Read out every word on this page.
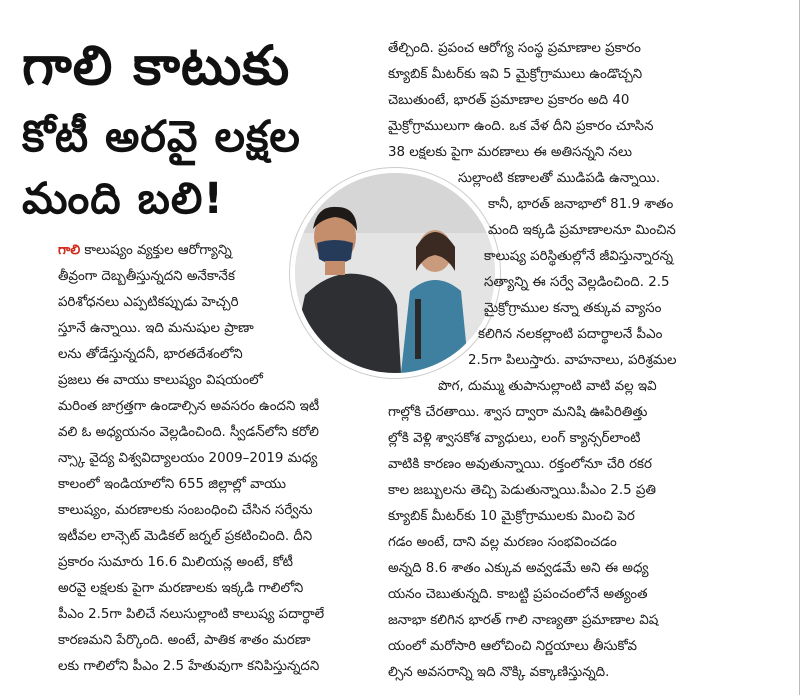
గాలి కాటుకు
కోటీ అరవై లక్షల
మంది బలి!
గాలి కాలుష్యం వ్యక్తుల ఆరోగ్యాన్ని
తీవ్రంగా దెబ్బతీస్తున్నదని అనేకానేక
పరిశోధనలు ఎప్పటికప్పుడు హెచ్చరి
స్తూనే ఉన్నాయి. ఇది మనుషుల ప్రాణా
లను తోడేస్తున్నదనీ, భారతదేశంలోని
ప్రజలు ఈ వాయు కాలుష్యం విషయంలో
మరింత జాగ్రత్తగా ఉండాల్సిన అవసరం ఉందని ఇటీ
వలి ఓ అధ్యయనం వెల్లడించింది. స్వీడన్‌లోని కరోలి
న్స్కా వైద్య విశ్వవిద్యాలయం 2009–2019 మధ్య
కాలంలో ఇండియాలోని 655 జిల్లాల్లో వాయు
కాలుష్యం, మరణాలకు సంబంధించి చేసిన సర్వేను
ఇటీవల లాన్సెట్ మెడికల్ జర్నల్ ప్రకటించింది. దీని
ప్రకారం సుమారు 16.6 మిలియన్ల అంటే, కోటీ
అరవై లక్షలకు పైగా మరణాలకు ఇక్కడి గాలిలోని
పీఎం 2.5గా పిలిచే నలుసుల్లాంటి కాలుష్య పదార్థాలే
కారణమని పేర్కొంది. అంటే, పాతిక శాతం మరణా
లకు గాలిలోని పీఎం 2.5 హేతువుగా కనిపిస్తున్నదని
తేల్చింది. ప్రపంచ ఆరోగ్య సంస్థ ప్రమాణాల ప్రకారం
క్యూబిక్ మీటర్‌కు ఇవి 5 మైక్రోగ్రాములు ఉండొచ్చని
చెబుతుంటే, భారత్ ప్రమాణాల ప్రకారం అది 40
మైక్రోగ్రాములుగా ఉంది. ఒక వేళ దీని ప్రకారం చూసిన
38 లక్షలకు పైగా మరణాలు ఈ అతిసన్నని నలు
సుల్లాంటి కణాలతో ముడిపడి ఉన్నాయి.
కానీ, భారత్ జనాభాలో 81.9 శాతం
మంది ఇక్కడి ప్రమాణాలనూ మించిన
కాలుష్య పరిస్థితుల్లోనే జీవిస్తున్నారన్న
సత్యాన్ని ఈ సర్వే వెల్లడించింది. 2.5
మైక్రోగ్రాముల కన్నా తక్కువ వ్యాసం
కలిగిన నలకల్లాంటి పదార్థాలనే పీఎం
2.5గా పిలుస్తారు. వాహనాలు, పరిశ్రమల
పొగ, దుమ్ము తుపానుల్లాంటి వాటి వల్ల ఇవి
గాల్లోకి చేరతాయి. శ్వాస ద్వారా మనిషి ఊపిరితిత్తు
ల్లోకి వెళ్లి శ్వాసకోశ వ్యాధులు, లంగ్ క్యాన్సర్‌లాంటి
వాటికి కారణం అవుతున్నాయి. రక్తంలోనూ చేరి రకర
కాల జబ్బులను తెచ్చి పెడుతున్నాయి.పీఎం 2.5 ప్రతి
క్యూబిక్ మీటర్‌కు 10 మైక్రోగ్రాములకు మించి పెర
గడం అంటే, దాని వల్ల మరణం సంభవించడం
అన్నది 8.6 శాతం ఎక్కువ అవ్వడమే అని ఈ అధ్య
యనం చెబుతున్నది. కాబట్టి ప్రపంచంలోనే అత్యంత
జనాభా కలిగిన భారత్ గాలి నాణ్యతా ప్రమాణాల విష
యంలో మరోసారి ఆలోచించి నిర్ణయాలు తీసుకోవ
ల్సిన అవసరాన్ని ఇది నొక్కి వక్కాణిస్తున్నది.
